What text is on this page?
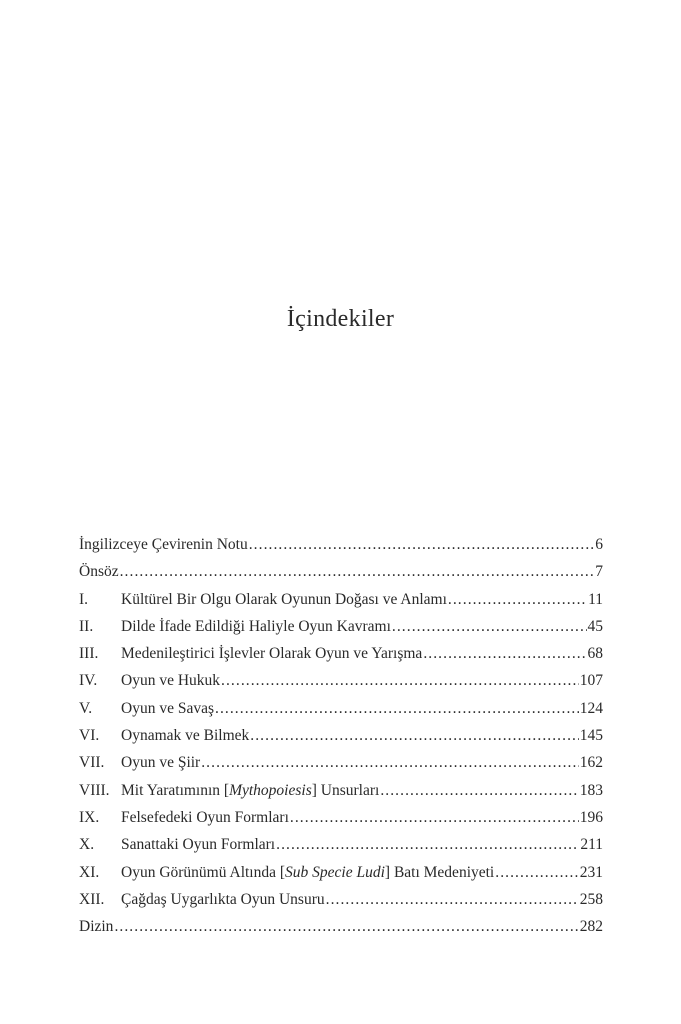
İçindekiler
İngilizceye Çevirenin Notu . . .	6
Önsöz . . .	7
I.	Kültürel Bir Olgu Olarak Oyunun Doğası ve Anlamı . . .	11
II.	Dilde İfade Edildiği Haliyle Oyun Kavramı . . .	45
III.	Medenileştirici İşlevler Olarak Oyun ve Yarışma . . .	68
IV.	Oyun ve Hukuk . . .	107
V.	Oyun ve Savaş . . .	124
VI.	Oynamak ve Bilmek . . .	145
VII.	Oyun ve Şiir . . .	162
VIII. Mit Yaratımının [Mythopoiesis] Unsurları . . .	183
IX.	Felsefedeki Oyun Formları . . .	196
X.	Sanattaki Oyun Formları . . .	211
XI.	Oyun Görünümü Altında [Sub Specie Ludi] Batı Medeniyeti . . .	231
XII.	Çağdaş Uygarlıkta Oyun Unsuru . . .	258
Dizin . . .	282
